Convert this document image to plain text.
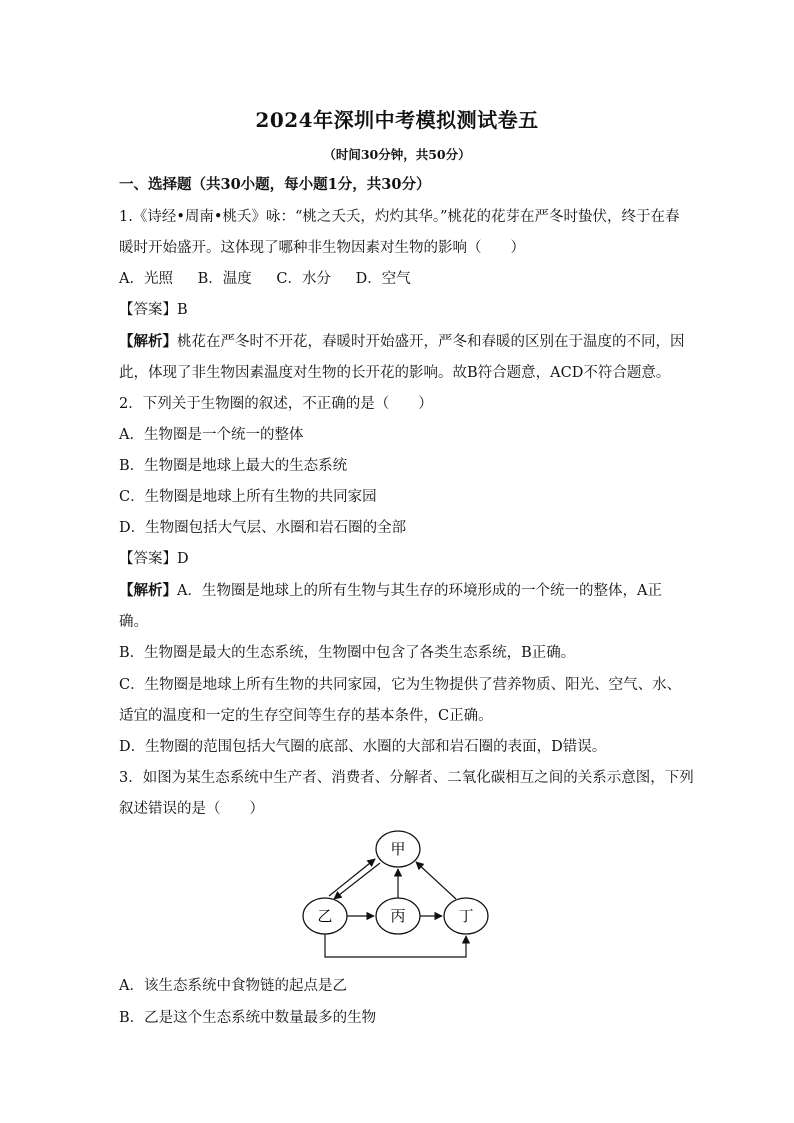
2024年深圳中考模拟测试卷五
（时间30分钟，共50分）
一、选择题（共30小题，每小题1分，共30分）
1.《诗经•周南•桃夭》咏：“桃之夭夭，灼灼其华。”桃花的花芽在严冬时蛰伏，终于在春
暖时开始盛开。这体现了哪种非生物因素对生物的影响（　　）
A．光照 B．温度 C．水分 D．空气
【答案】B
【解析】桃花在严冬时不开花，春暖时开始盛开，严冬和春暖的区别在于温度的不同，因
此，体现了非生物因素温度对生物的长开花的影响。故B符合题意，ACD不符合题意。
2．下列关于生物圈的叙述，不正确的是（　　）
A．生物圈是一个统一的整体
B．生物圈是地球上最大的生态系统
C．生物圈是地球上所有生物的共同家园
D．生物圈包括大气层、水圈和岩石圈的全部
【答案】D
【解析】A．生物圈是地球上的所有生物与其生存的环境形成的一个统一的整体，A正
确。
B．生物圈是最大的生态系统，生物圈中包含了各类生态系统，B正确。
C．生物圈是地球上所有生物的共同家园，它为生物提供了营养物质、阳光、空气、水、
适宜的温度和一定的生存空间等生存的基本条件，C正确。
D．生物圈的范围包括大气圈的底部、水圈的大部和岩石圈的表面，D错误。
3．如图为某生态系统中生产者、消费者、分解者、二氧化碳相互之间的关系示意图，下列
叙述错误的是（　　）
甲
乙	丙	丁
A．该生态系统中食物链的起点是乙
B．乙是这个生态系统中数量最多的生物
